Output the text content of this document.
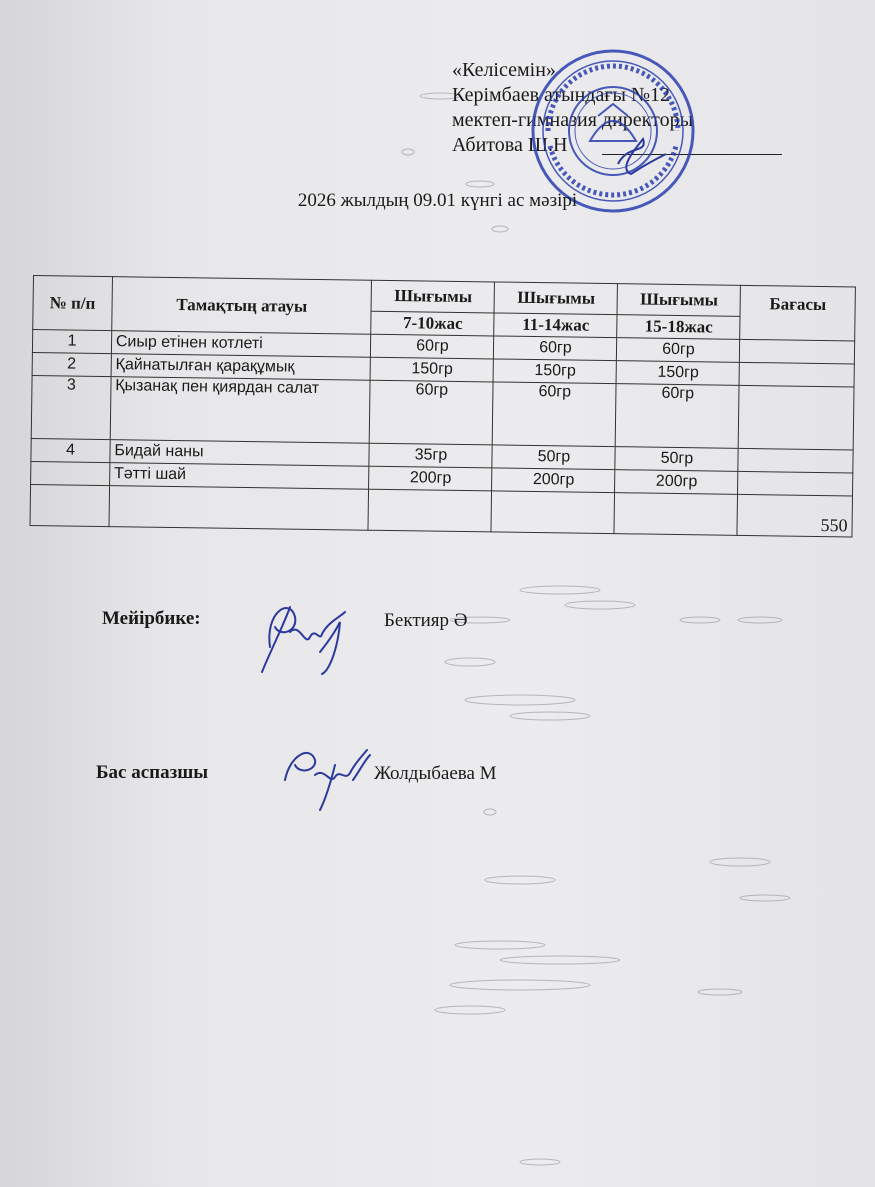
«Келісемін»
Керімбаев атындағы №12
мектеп-гимназия директоры
Абитова Ш.Н
2026 жылдың 09.01 күнгі ас мәзірі
№ п/п	Тамақтың атауы	Шығымы	Шығымы	Шығымы	Бағасы
		7-10жас	11-14жас	15-18жас	
1	Сиыр етінен котлеті	60гр	60гр	60гр	
2	Қайнатылған қарақұмық	150гр	150гр	150гр	
3	Қызанақ пен қиярдан салат	60гр	60гр	60гр	
4	Бидай наны	35гр	50гр	50гр	
	Тәтті шай	200гр	200гр	200гр	
					550
Мейірбике:	Бектияр Ә
Бас аспазшы	Жолдыбаева М
